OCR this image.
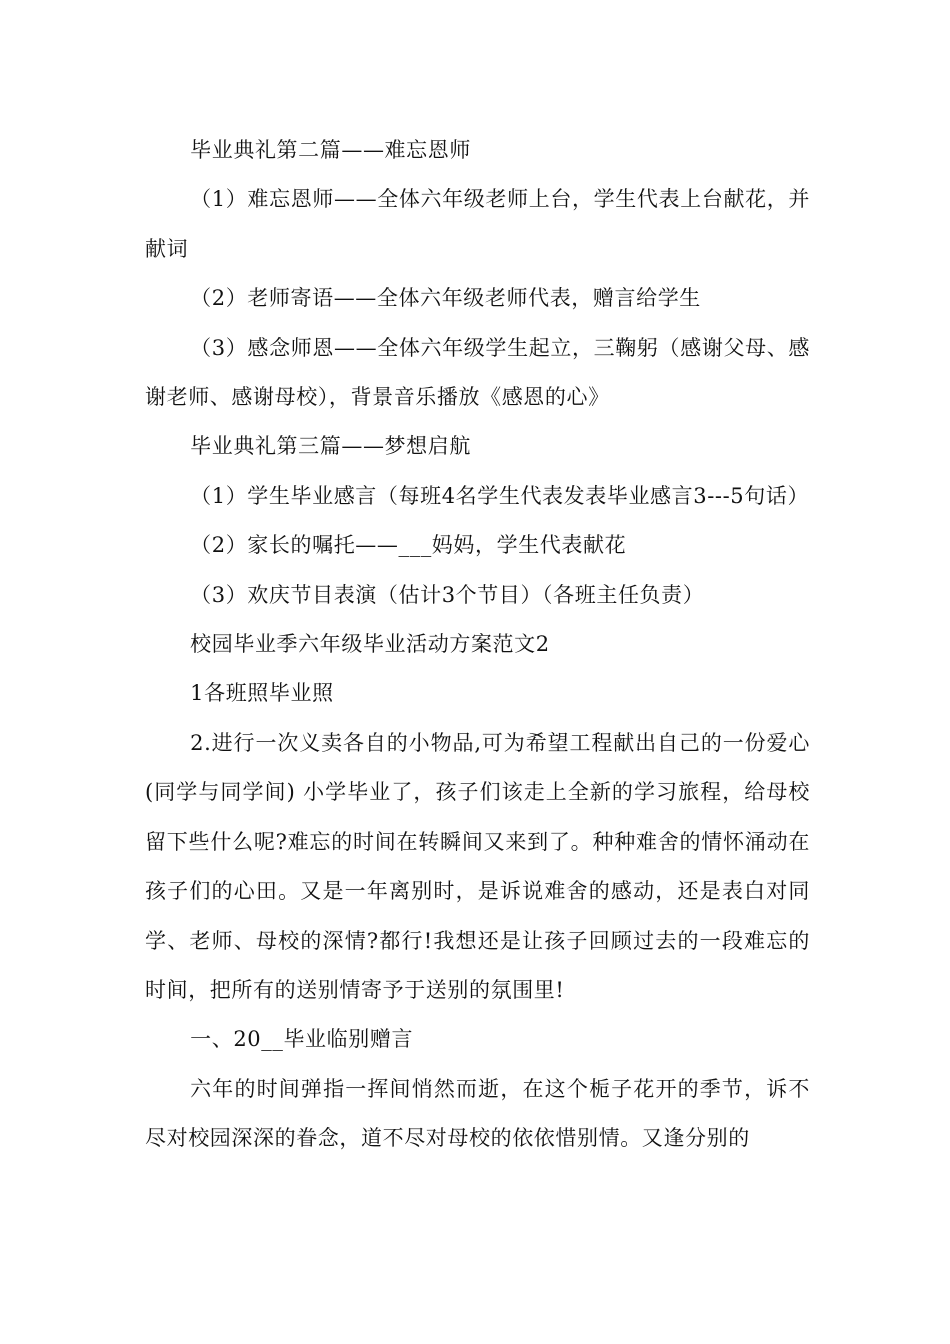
毕业典礼第二篇——难忘恩师

（1）难忘恩师——全体六年级老师上台，学生代表上台献花，并献词

（2）老师寄语——全体六年级老师代表，赠言给学生

（3）感念师恩——全体六年级学生起立，三鞠躬（感谢父母、感谢老师、感谢母校），背景音乐播放《感恩的心》

毕业典礼第三篇——梦想启航

（1）学生毕业感言（每班4名学生代表发表毕业感言3---5句话）

（2）家长的嘱托——___妈妈，学生代表献花

（3）欢庆节目表演（估计3个节目）（各班主任负责）

校园毕业季六年级毕业活动方案范文2

1各班照毕业照

2.进行一次义卖各自的小物品,可为希望工程献出自己的一份爱心(同学与同学间) 小学毕业了，孩子们该走上全新的学习旅程，给母校留下些什么呢?难忘的时间在转瞬间又来到了。种种难舍的情怀涌动在孩子们的心田。又是一年离别时，是诉说难舍的感动，还是表白对同学、老师、母校的深情?都行!我想还是让孩子回顾过去的一段难忘的时间，把所有的送别情寄予于送别的氛围里!

一、20__毕业临别赠言

六年的时间弹指一挥间悄然而逝，在这个栀子花开的季节，诉不尽对校园深深的眷念，道不尽对母校的依依惜别情。又逢分别的
